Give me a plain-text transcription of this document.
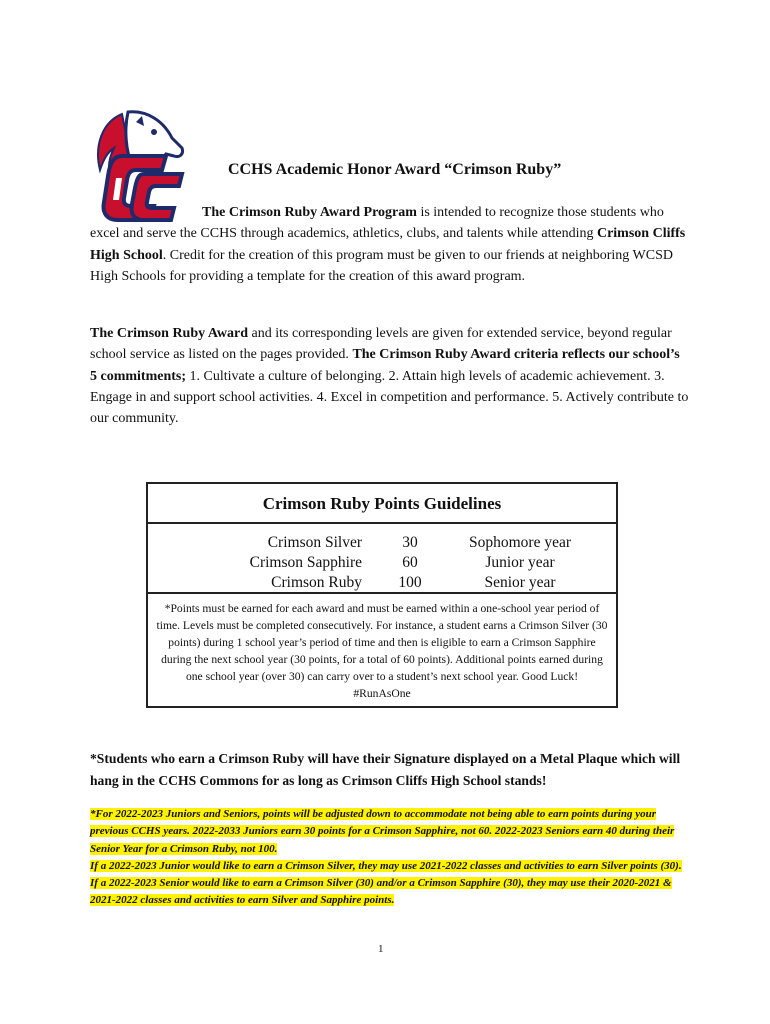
CCHS Academic Honor Award “Crimson Ruby”

The Crimson Ruby Award Program is intended to recognize those students who excel and serve the CCHS through academics, athletics, clubs, and talents while attending Crimson Cliffs High School. Credit for the creation of this program must be given to our friends at neighboring WCSD High Schools for providing a template for the creation of this award program.

The Crimson Ruby Award and its corresponding levels are given for extended service, beyond regular school service as listed on the pages provided. The Crimson Ruby Award criteria reflects our school’s 5 commitments; 1. Cultivate a culture of belonging. 2. Attain high levels of academic achievement. 3. Engage in and support school activities. 4. Excel in competition and performance. 5. Actively contribute to our community.

Crimson Ruby Points Guidelines
Crimson Silver
Crimson Sapphire
Crimson Ruby
30
60
100
Sophomore year
Junior year
Senior year
*Points must be earned for each award and must be earned within a one-school year period of time. Levels must be completed consecutively. For instance, a student earns a Crimson Silver (30 points) during 1 school year’s period of time and then is eligible to earn a Crimson Sapphire during the next school year (30 points, for a total of 60 points). Additional points earned during one school year (over 30) can carry over to a student’s next school year. Good Luck! #RunAsOne

*Students who earn a Crimson Ruby will have their Signature displayed on a Metal Plaque which will hang in the CCHS Commons for as long as Crimson Cliffs High School stands!

*For 2022-2023 Juniors and Seniors, points will be adjusted down to accommodate not being able to earn points during your previous CCHS years. 2022-2033 Juniors earn 30 points for a Crimson Sapphire, not 60. 2022-2023 Seniors earn 40 during their Senior Year for a Crimson Ruby, not 100.
If a 2022-2023 Junior would like to earn a Crimson Silver, they may use 2021-2022 classes and activities to earn Silver points (30). If a 2022-2023 Senior would like to earn a Crimson Silver (30) and/or a Crimson Sapphire (30), they may use their 2020-2021 & 2021-2022 classes and activities to earn Silver and Sapphire points.

1
